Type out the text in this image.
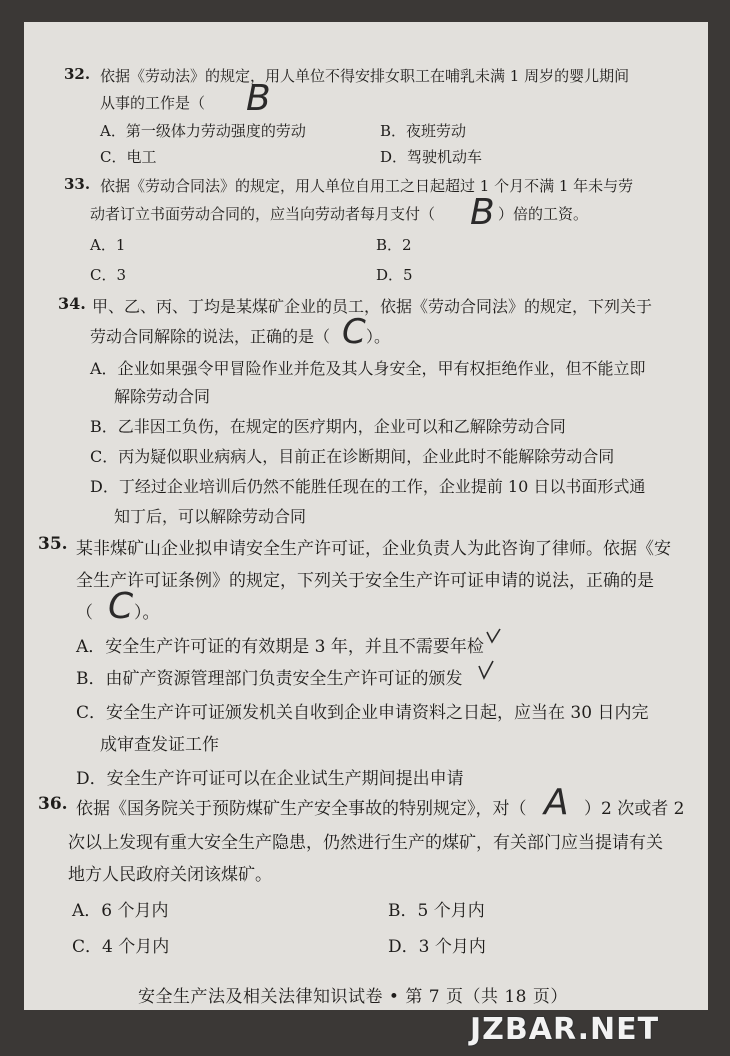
32. 依据《劳动法》的规定，用人单位不得安排女职工在哺乳未满 1 周岁的婴儿期间
从事的工作是（ B
A．第一级体力劳动强度的劳动	B．夜班劳动
C．电工	D．驾驶机动车
33. 依据《劳动合同法》的规定，用人单位自用工之日起超过 1 个月不满 1 年未与劳
动者订立书面劳动合同的，应当向劳动者每月支付（ B ）倍的工资。
A．1	B．2
C．3	D．5
34. 甲、乙、丙、丁均是某煤矿企业的员工，依据《劳动合同法》的规定，下列关于
劳动合同解除的说法，正确的是（ C ）。
A．企业如果强令甲冒险作业并危及其人身安全，甲有权拒绝作业，但不能立即
解除劳动合同
B．乙非因工负伤，在规定的医疗期内，企业可以和乙解除劳动合同
C．丙为疑似职业病病人，目前正在诊断期间，企业此时不能解除劳动合同
D．丁经过企业培训后仍然不能胜任现在的工作，企业提前 10 日以书面形式通
知丁后，可以解除劳动合同
35. 某非煤矿山企业拟申请安全生产许可证，企业负责人为此咨询了律师。依据《安
全生产许可证条例》的规定，下列关于安全生产许可证申请的说法，正确的是
（ C ）。
A．安全生产许可证的有效期是 3 年，并且不需要年检
B．由矿产资源管理部门负责安全生产许可证的颁发
C．安全生产许可证颁发机关自收到企业申请资料之日起，应当在 30 日内完
成审查发证工作
D．安全生产许可证可以在企业试生产期间提出申请
36. 依据《国务院关于预防煤矿生产安全事故的特别规定》，对（ A ）2 次或者 2
次以上发现有重大安全生产隐患，仍然进行生产的煤矿，有关部门应当提请有关
地方人民政府关闭该煤矿。
A．6 个月内	B．5 个月内
C．4 个月内	D．3 个月内
安全生产法及相关法律知识试卷 • 第 7 页（共 18 页）
JZBAR.NET
